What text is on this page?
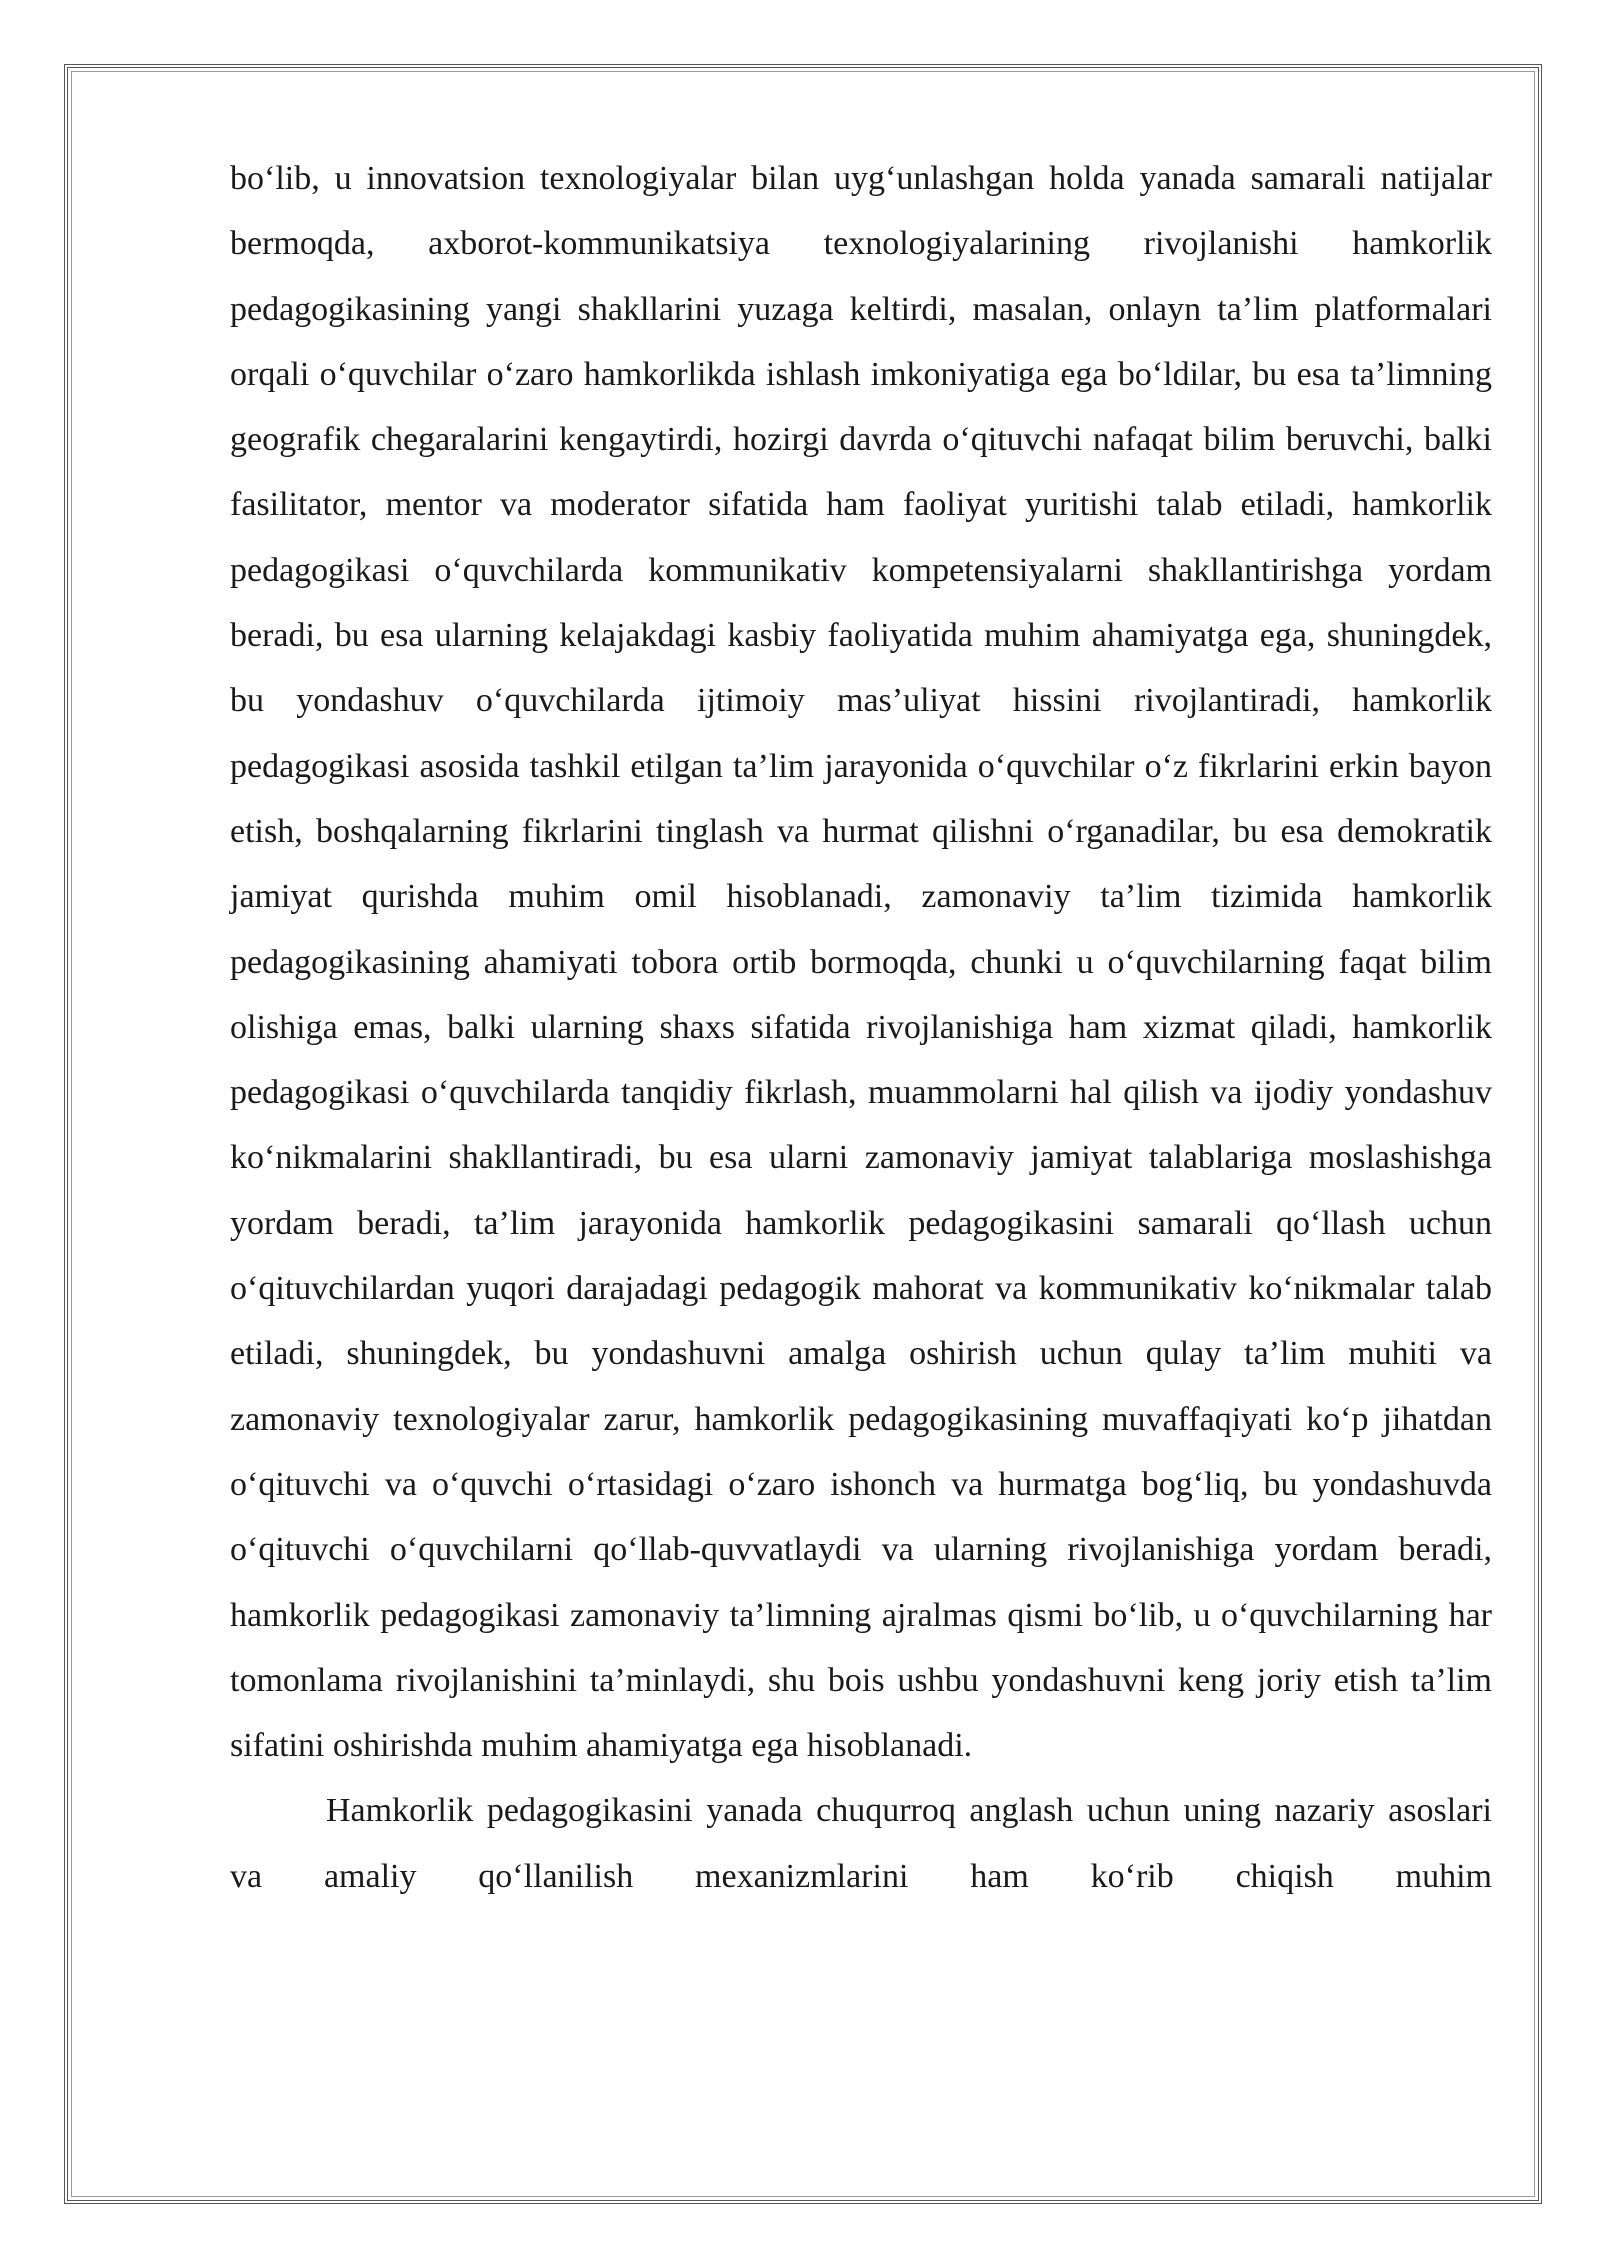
bo‘lib, u innovatsion texnologiyalar bilan uyg‘unlashgan holda yanada samarali natijalar bermoqda, axborot-kommunikatsiya texnologiyalarining rivojlanishi hamkorlik pedagogikasining yangi shakllarini yuzaga keltirdi, masalan, onlayn ta’lim platformalari orqali o‘quvchilar o‘zaro hamkorlikda ishlash imkoniyatiga ega bo‘ldilar, bu esa ta’limning geografik chegaralarini kengaytirdi, hozirgi davrda o‘qituvchi nafaqat bilim beruvchi, balki fasilitator, mentor va moderator sifatida ham faoliyat yuritishi talab etiladi, hamkorlik pedagogikasi o‘quvchilarda kommunikativ kompetensiyalarni shakllantirishga yordam beradi, bu esa ularning kelajakdagi kasbiy faoliyatida muhim ahamiyatga ega, shuningdek, bu yondashuv o‘quvchilarda ijtimoiy mas’uliyat hissini rivojlantiradi, hamkorlik pedagogikasi asosida tashkil etilgan ta’lim jarayonida o‘quvchilar o‘z fikrlarini erkin bayon etish, boshqalarning fikrlarini tinglash va hurmat qilishni o‘rganadilar, bu esa demokratik jamiyat qurishda muhim omil hisoblanadi, zamonaviy ta’lim tizimida hamkorlik pedagogikasining ahamiyati tobora ortib bormoqda, chunki u o‘quvchilarning faqat bilim olishiga emas, balki ularning shaxs sifatida rivojlanishiga ham xizmat qiladi, hamkorlik pedagogikasi o‘quvchilarda tanqidiy fikrlash, muammolarni hal qilish va ijodiy yondashuv ko‘nikmalarini shakllantiradi, bu esa ularni zamonaviy jamiyat talablariga moslashishga yordam beradi, ta’lim jarayonida hamkorlik pedagogikasini samarali qo‘llash uchun o‘qituvchilardan yuqori darajadagi pedagogik mahorat va kommunikativ ko‘nikmalar talab etiladi, shuningdek, bu yondashuvni amalga oshirish uchun qulay ta’lim muhiti va zamonaviy texnologiyalar zarur, hamkorlik pedagogikasining muvaffaqiyati ko‘p jihatdan o‘qituvchi va o‘quvchi o‘rtasidagi o‘zaro ishonch va hurmatga bog‘liq, bu yondashuvda o‘qituvchi o‘quvchilarni qo‘llab-quvvatlaydi va ularning rivojlanishiga yordam beradi, hamkorlik pedagogikasi zamonaviy ta’limning ajralmas qismi bo‘lib, u o‘quvchilarning har tomonlama rivojlanishini ta’minlaydi, shu bois ushbu yondashuvni keng joriy etish ta’lim sifatini oshirishda muhim ahamiyatga ega hisoblanadi.

Hamkorlik pedagogikasini yanada chuqurroq anglash uchun uning nazariy asoslari va amaliy qo‘llanilish mexanizmlarini ham ko‘rib chiqish muhim
